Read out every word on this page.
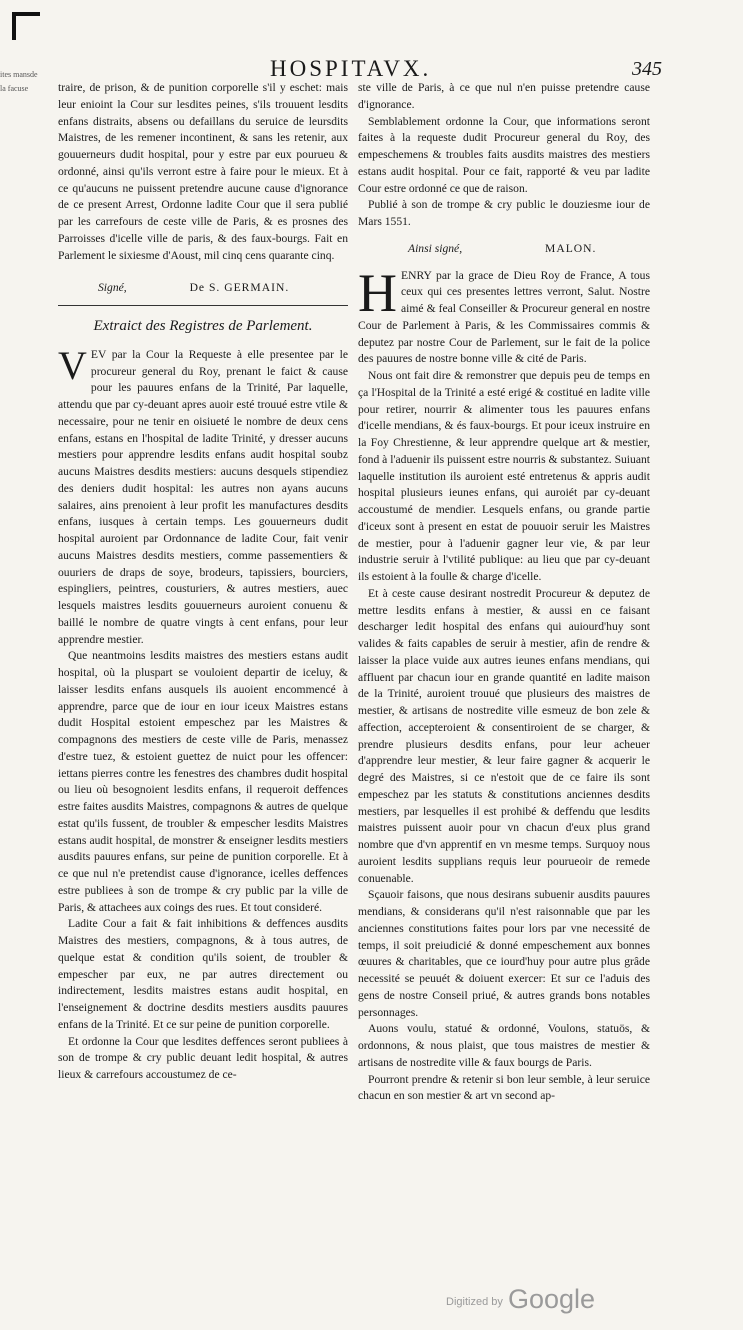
ites mansde
la facuse
HOSPITAVX.	345

traire, de prison, & de punition corporelle s'il y eschet: mais leur enioint la Cour sur lesdites peines, s'ils trouuent lesdits enfans distraits, absens ou defaillans du seruice de leursdits Maistres, de les remener incontinent, & sans les retenir, aux gouuerneurs dudit hospital, pour y estre par eux pourueu & ordonné, ainsi qu'ils verront estre à faire pour le mieux. Et à ce qu'aucuns ne puissent pretendre aucune cause d'ignorance de ce present Arrest, Ordonne ladite Cour que il sera publié par les carrefours de ceste ville de Paris, & es prosnes des Parroisses d'icelle ville de paris, & des faux-bourgs. Fait en Parlement le sixiesme d'Aoust, mil cinq cens quarante cinq.

Signé,	De S. GERMAIN.

Extraict des Registres de Parlement.

V EV par la Cour la Requeste à elle presentee par le procureur general du Roy, prenant le faict & cause pour les pauures enfans de la Trinité, Par laquelle, attendu que par cy-deuant apres auoir esté trouué estre vtile & necessaire, pour ne tenir en oisiueté le nombre de deux cens enfans, estans en l'hospital de ladite Trinité, y dresser aucuns mestiers pour apprendre lesdits enfans audit hospital soubz aucuns Maistres desdits mestiers: aucuns desquels stipendiez des deniers dudit hospital: les autres non ayans aucuns salaires, ains prenoient à leur profit les manufactures desdits enfans, iusques à certain temps. Les gouuerneurs dudit hospital auroient par Ordonnance de ladite Cour, fait venir aucuns Maistres desdits mestiers, comme passementiers & ouuriers de draps de soye, brodeurs, tapissiers, bourciers, espingliers, peintres, cousturiers, & autres mestiers, auec lesquels maistres lesdits gouuerneurs auroient conuenu & baillé le nombre de quatre vingts à cent enfans, pour leur apprendre mestier.

Que neantmoins lesdits maistres des mestiers estans audit hospital, où la pluspart se vouloient departir de iceluy, & laisser lesdits enfans ausquels ils auoient encommencé à apprendre, parce que de iour en iour iceux Maistres estans dudit Hospital estoient empeschez par les Maistres & compagnons des mestiers de ceste ville de Paris, menassez d'estre tuez, & estoient guettez de nuict pour les offencer: iettans pierres contre les fenestres des chambres dudit hospital ou lieu où besognoient lesdits enfans, il requeroit deffences estre faites ausdits Maistres, compagnons & autres de quelque estat qu'ils fussent, de troubler & empescher lesdits Maistres estans audit hospital, de monstrer & enseigner lesdits mestiers ausdits pauures enfans, sur peine de punition corporelle. Et à ce que nul n'e pretendist cause d'ignorance, icelles deffences estre publiees à son de trompe & cry public par la ville de Paris, & attachees aux coings des rues. Et tout consideré.

Ladite Cour a fait & fait inhibitions & deffences ausdits Maistres des mestiers, compagnons, & à tous autres, de quelque estat & condition qu'ils soient, de troubler & empescher par eux, ne par autres directement ou indirectement, lesdits maistres estans audit hospital, en l'enseignement & doctrine desdits mestiers ausdits pauures enfans de la Trinité. Et ce sur peine de punition corporelle.

Et ordonne la Cour que lesdites deffences seront publiees à son de trompe & cry public deuant ledit hospital, & autres lieux & carrefours accoustumez de ce-

ste ville de Paris, à ce que nul n'en puisse pretendre cause d'ignorance.

Semblablement ordonne la Cour, que informations seront faites à la requeste dudit Procureur general du Roy, des empeschemens & troubles faits ausdits maistres des mestiers estans audit hospital. Pour ce fait, rapporté & veu par ladite Cour estre ordonné ce que de raison.

Publié à son de trompe & cry public le douziesme iour de Mars 1551.

Ainsi signé,	MALON.

H ENRY par la grace de Dieu Roy de France, A tous ceux qui ces presentes lettres verront, Salut. Nostre aimé & feal Conseiller & Procureur general en nostre Cour de Parlement à Paris, & les Commissaires commis & deputez par nostre Cour de Parlement, sur le fait de la police des pauures de nostre bonne ville & cité de Paris.

Nous ont fait dire & remonstrer que depuis peu de temps en ça l'Hospital de la Trinité a esté erigé & costitué en ladite ville pour retirer, nourrir & alimenter tous les pauures enfans d'icelle mendians, & és faux-bourgs. Et pour iceux instruire en la Foy Chrestienne, & leur apprendre quelque art & mestier, fond à l'aduenir ils puissent estre nourris & substantez. Suiuant laquelle institution ils auroient esté entretenus & appris audit hospital plusieurs ieunes enfans, qui auroiét par cy-deuant accoustumé de mendier. Lesquels enfans, ou grande partie d'iceux sont à present en estat de pouuoir seruir les Maistres de mestier, pour à l'aduenir gagner leur vie, & par leur industrie seruir à l'vtilité publique: au lieu que par cy-deuant ils estoient à la foulle & charge d'icelle.

Et à ceste cause desirant nostredit Procureur & deputez de mettre lesdits enfans à mestier, & aussi en ce faisant descharger ledit hospital des enfans qui auiourd'huy sont valides & faits capables de seruir à mestier, afin de rendre & laisser la place vuide aux autres ieunes enfans mendians, qui affluent par chacun iour en grande quantité en ladite maison de la Trinité, auroient trouué que plusieurs des maistres de mestier, & artisans de nostredite ville esmeuz de bon zele & affection, accepteroient & consentiroient de se charger, & prendre plusieurs desdits enfans, pour leur acheuer d'apprendre leur mestier, & leur faire gagner & acquerir le degré des Maistres, si ce n'estoit que de ce faire ils sont empeschez par les statuts & constitutions anciennes desdits mestiers, par lesquelles il est prohibé & deffendu que lesdits maistres puissent auoir pour vn chacun d'eux plus grand nombre que d'vn apprentif en vn mesme temps. Surquoy nous auroient lesdits supplians requis leur pourueoir de remede conuenable.

Sçauoir faisons, que nous desirans subuenir ausdits pauures mendians, & considerans qu'il n'est raisonnable que par les anciennes constitutions faites pour lors par vne necessité de temps, il soit preiudicié & donné empeschement aux bonnes œuures & charitables, que ce iourd'huy pour autre plus grâde necessité se peuuét & doiuent exercer: Et sur ce l'aduis des gens de nostre Conseil priué, & autres grands bons notables personnages.

Auons voulu, statué & ordonné, Voulons, statuös, & ordonnons, & nous plaist, que tous maistres de mestier & artisans de nostredite ville & faux bourgs de Paris.

Pourront prendre & retenir si bon leur semble, à leur seruice chacun en son mestier & art vn second ap-

Digitized by Google
